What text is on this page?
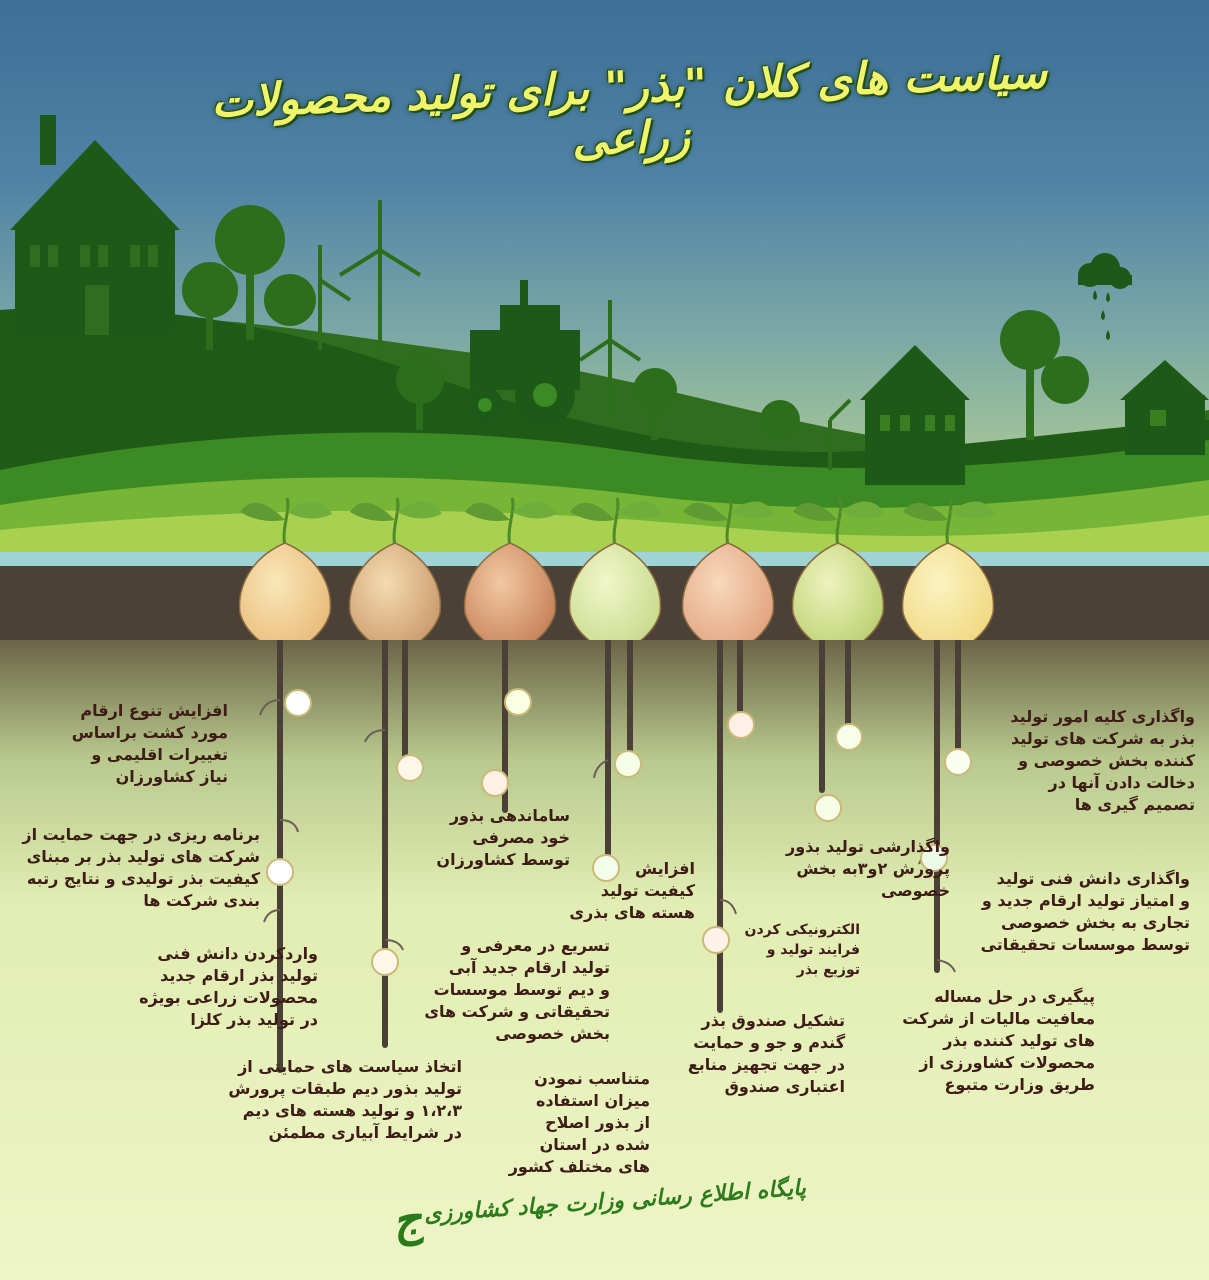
سیاست های کلان "بذر" برای تولید محصولات زراعی
افزایش تنوع ارقام
مورد کشت براساس
تغییرات اقلیمی و
نیاز کشاورزان
برنامه ریزی در جهت حمایت از
شرکت های تولید بذر بر مبنای
کیفیت بذر تولیدی و نتایج رتبه
بندی شرکت ها
واردکردن دانش فنی
تولید بذر ارقام جدید
محصولات زراعی بویژه
در تولید بذر کلزا
اتخاذ سیاست های حمایتی از
تولید بذور دیم طبقات پرورش
۱،۲،۳ و تولید هسته های دیم
در شرایط آبیاری مطمئن
ساماندهی بذور
خود مصرفی
توسط کشاورزان
تسریع در معرفی و
تولید ارقام جدید آبی
و دیم توسط موسسات
تحقیقاتی و شرکت های
بخش خصوصی
متناسب نمودن
میزان استفاده
از بذور اصلاح
شده در استان
های مختلف کشور
افزایش
کیفیت تولید
هسته های بذری
الکترونیکی کردن
فرایند تولید و
توزیع بذر
تشکیل صندوق بذر
گندم و جو و حمایت
در جهت تجهیز منابع
اعتباری صندوق
واگذارشی تولید بذور
پرورش ۲و۳به بخش
خصوصی
واگذاری کلیه امور تولید
بذر به شرکت های تولید
کننده بخش خصوصی و
دخالت دادن آنها در
تصمیم گیری ها
واگذاری دانش فنی تولید
و امتیاز تولید ارقام جدید و
تجاری به بخش خصوصی
توسط موسسات تحقیقاتی
پیگیری در حل مساله
معافیت مالیات از شرکت
های تولید کننده بذر
محصولات کشاورزی از
طریق وزارت متبوع
ج
پایگاه اطلاع رسانی وزارت جهاد کشاورزی
